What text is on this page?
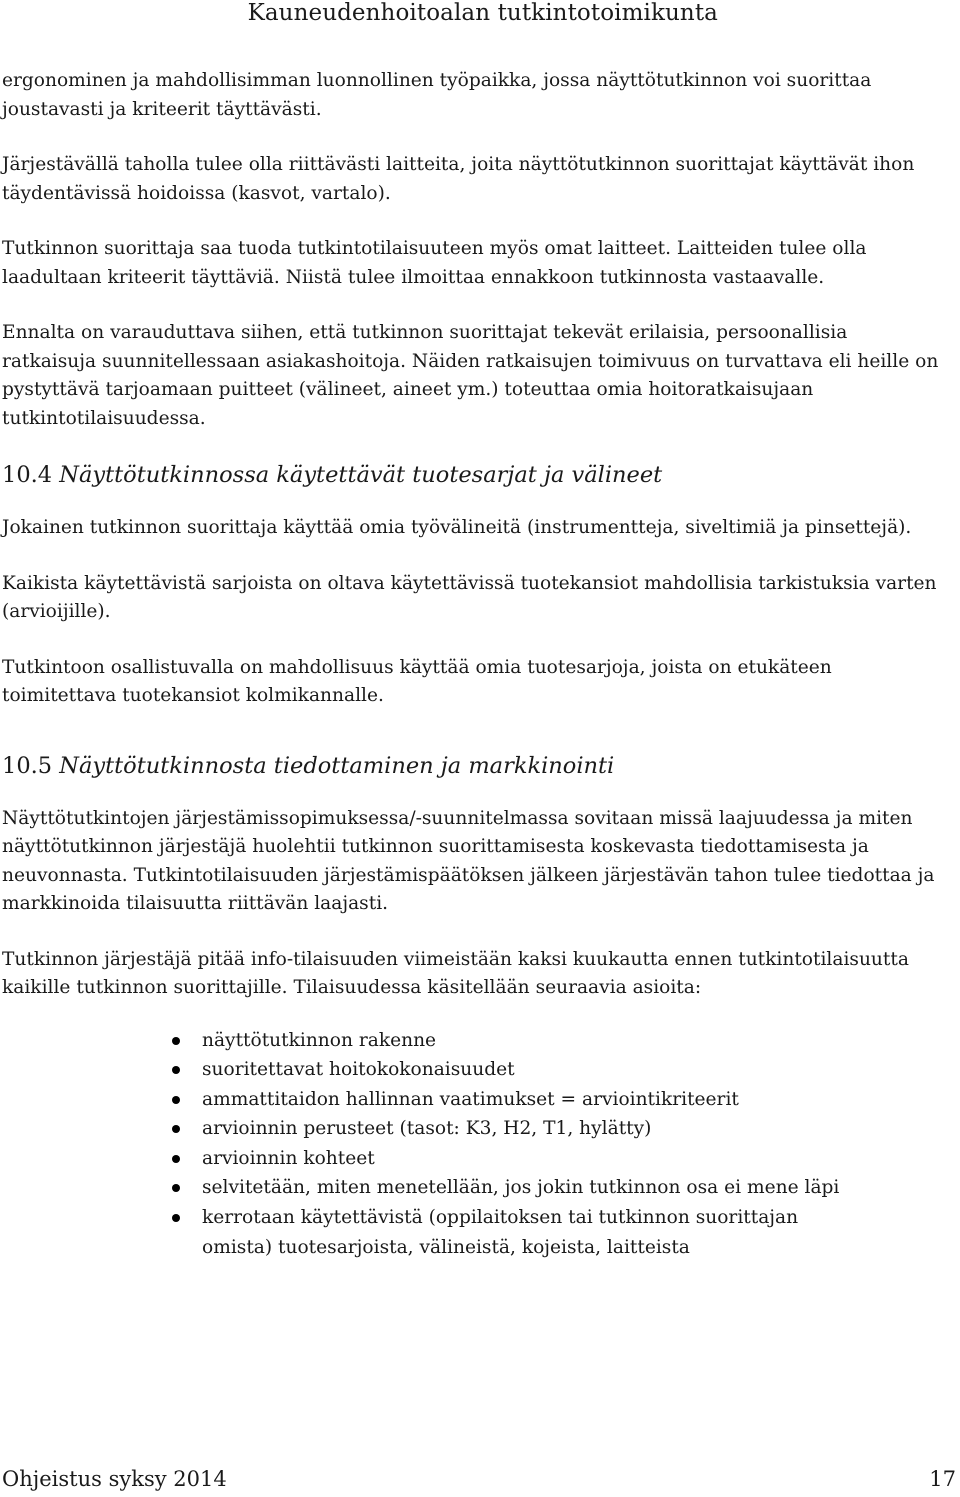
Kauneudenhoitoalan tutkintotoimikunta

ergonominen ja mahdollisimman luonnollinen työpaikka, jossa näyttötutkinnon voi suorittaa joustavasti ja kriteerit täyttävästi.

Järjestävällä taholla tulee olla riittävästi laitteita, joita näyttötutkinnon suorittajat käyttävät ihon täydentävissä hoidoissa (kasvot, vartalo).

Tutkinnon suorittaja saa tuoda tutkintotilaisuuteen myös omat laitteet. Laitteiden tulee olla laadultaan kriteerit täyttäviä. Niistä tulee ilmoittaa ennakkoon tutkinnosta vastaavalle.

Ennalta on varauduttava siihen, että tutkinnon suorittajat tekevät erilaisia, persoonallisia ratkaisuja suunnitellessaan asiakashoitoja. Näiden ratkaisujen toimivuus on turvattava eli heille on pystyttävä tarjoamaan puitteet (välineet, aineet ym.) toteuttaa omia hoitoratkaisujaan tutkintotilaisuudessa.

10.4 Näyttötutkinnossa käytettävät tuotesarjat ja välineet

Jokainen tutkinnon suorittaja käyttää omia työvälineitä (instrumentteja, siveltimiä ja pinsettejä).

Kaikista käytettävistä sarjoista on oltava käytettävissä tuotekansiot mahdollisia tarkistuksia varten (arvioijille).

Tutkintoon osallistuvalla on mahdollisuus käyttää omia tuotesarjoja, joista on etukäteen toimitettava tuotekansiot kolmikannalle.

10.5 Näyttötutkinnosta tiedottaminen ja markkinointi

Näyttötutkintojen järjestämissopimuksessa/-suunnitelmassa sovitaan missä laajuudessa ja miten näyttötutkinnon järjestäjä huolehtii tutkinnon suorittamisesta koskevasta tiedottamisesta ja neuvonnasta. Tutkintotilaisuuden järjestämispäätöksen jälkeen järjestävän tahon tulee tiedottaa ja markkinoida tilaisuutta riittävän laajasti.

Tutkinnon järjestäjä pitää info-tilaisuuden viimeistään kaksi kuukautta ennen tutkintotilaisuutta kaikille tutkinnon suorittajille. Tilaisuudessa käsitellään seuraavia asioita:

näyttötutkinnon rakenne
suoritettavat hoitokokonaisuudet
ammattitaidon hallinnan vaatimukset = arviointikriteerit
arvioinnin perusteet (tasot: K3, H2, T1, hylätty)
arvioinnin kohteet
selvitetään, miten menetellään, jos jokin tutkinnon osa ei mene läpi
kerrotaan käytettävistä (oppilaitoksen tai tutkinnon suorittajan omista) tuotesarjoista, välineistä, kojeista, laitteista
Ohjeistus syksy 2014	17
